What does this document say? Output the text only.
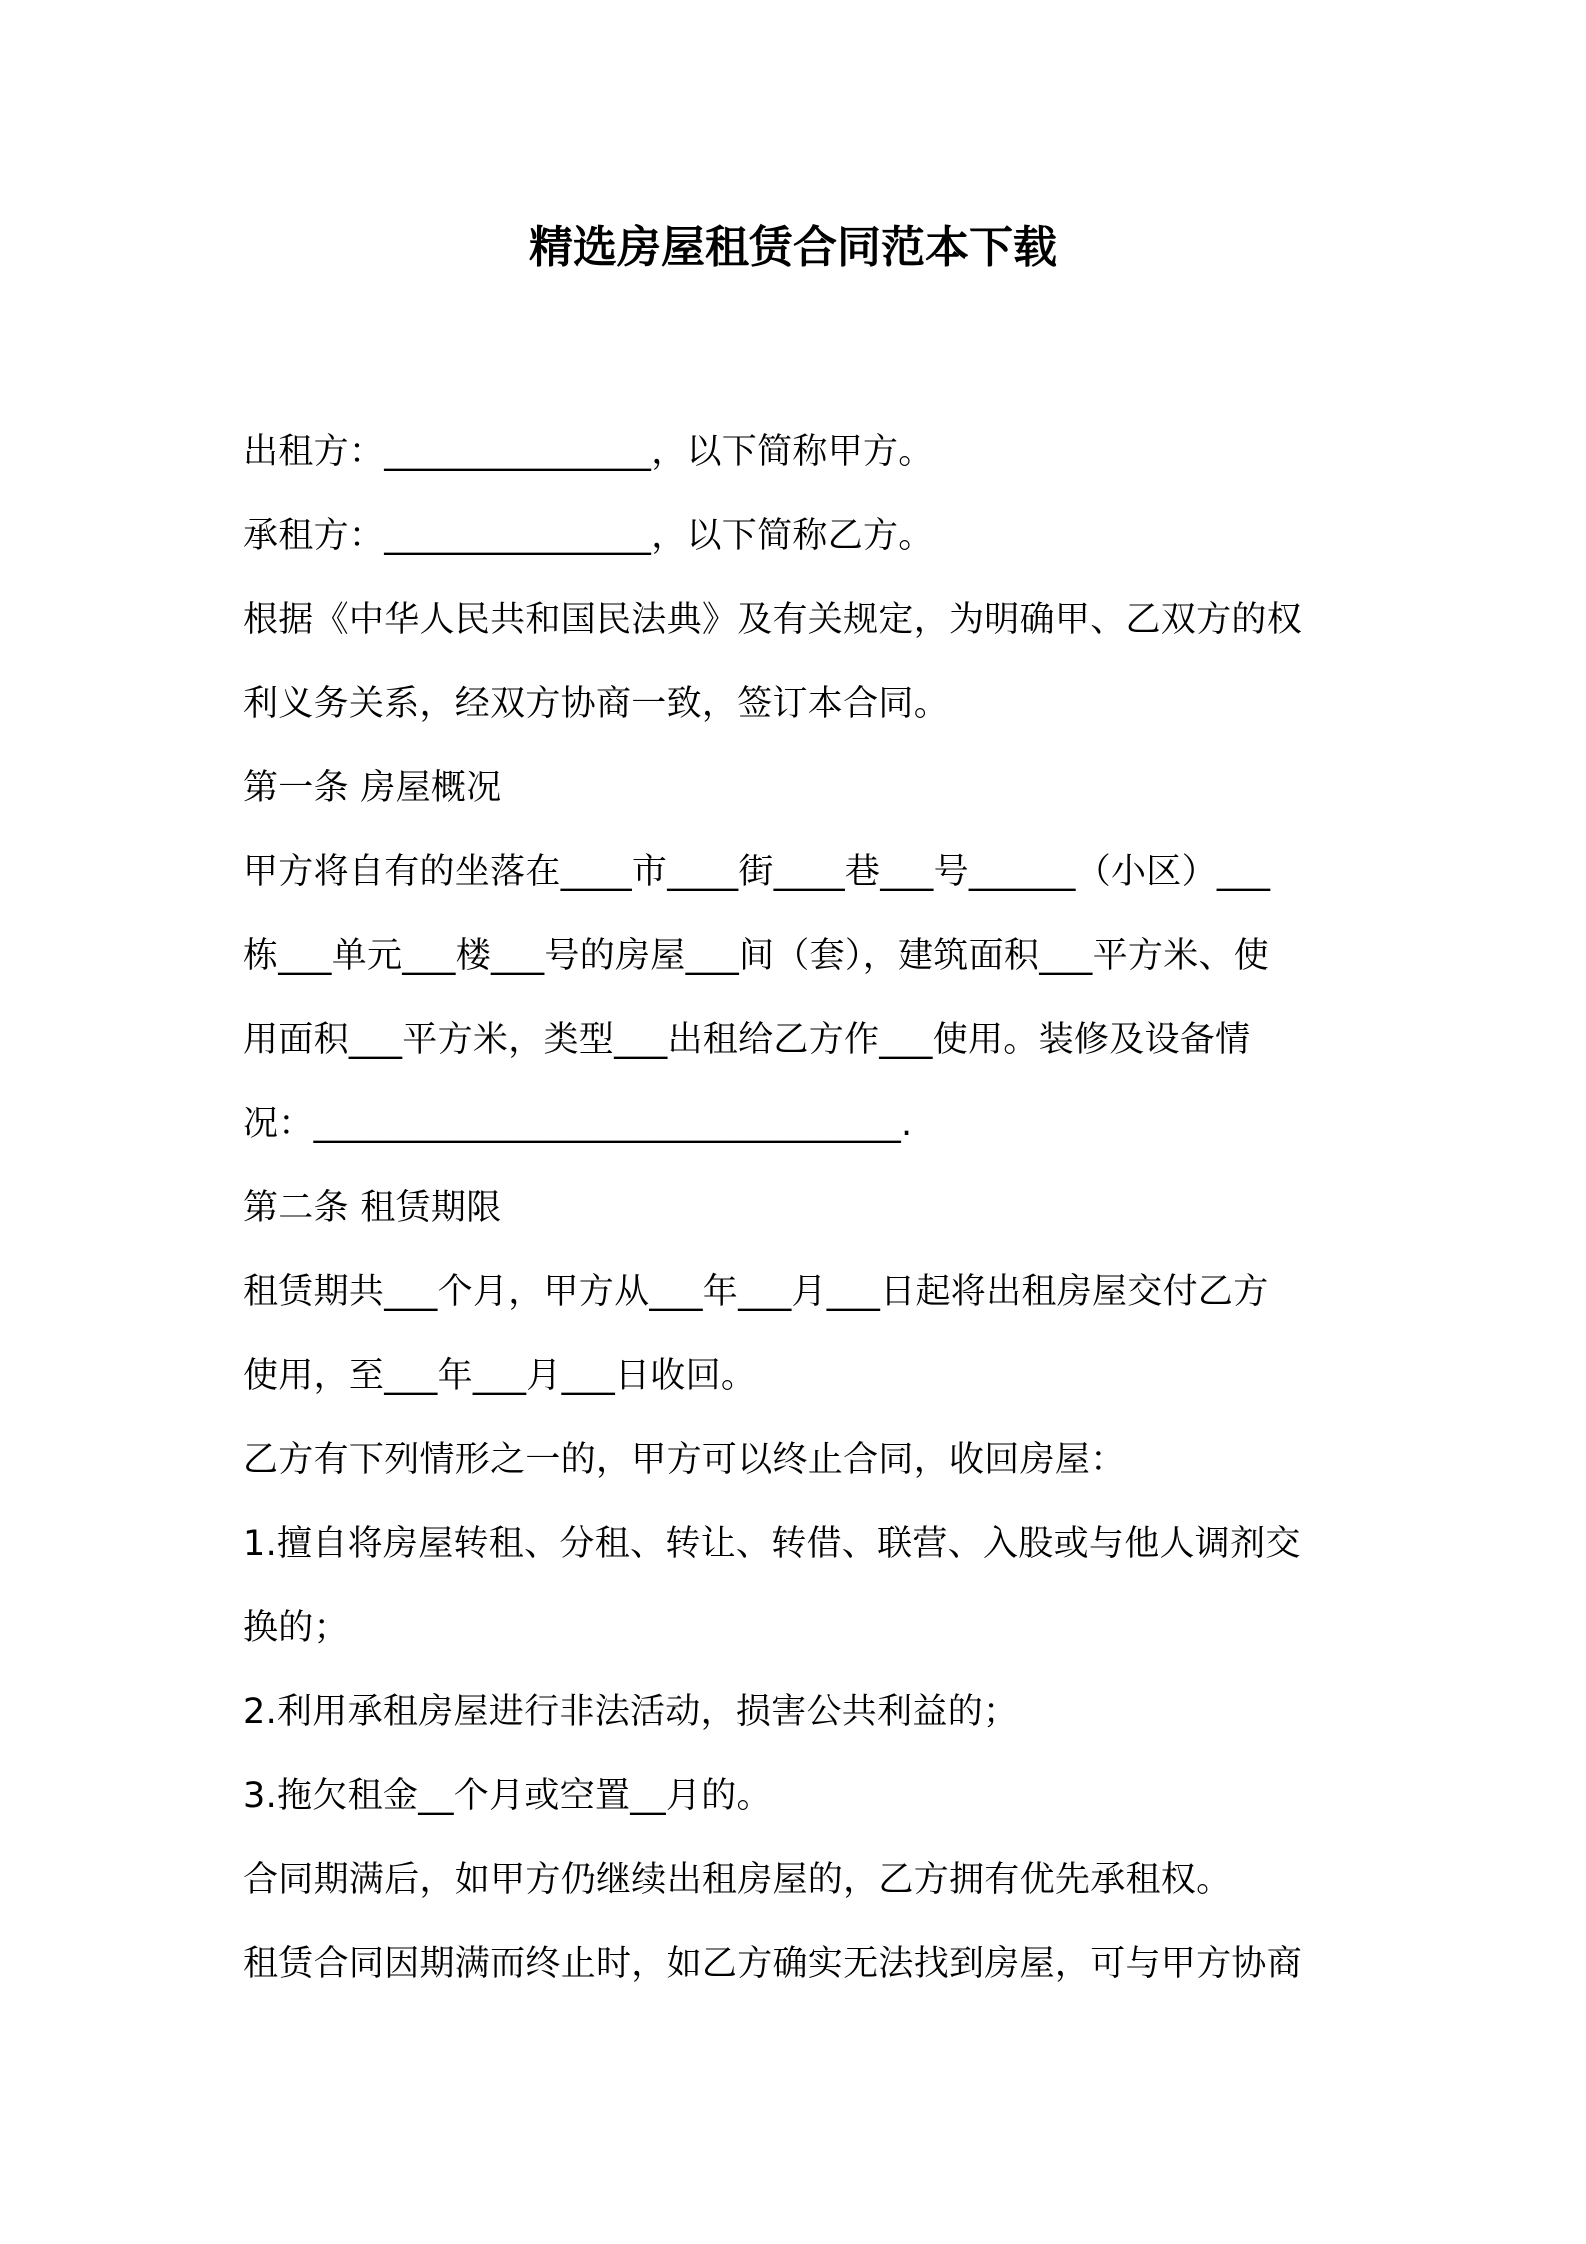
精选房屋租赁合同范本下载
出租方：_______________，以下简称甲方。
承租方：_______________，以下简称乙方。
根据《中华人民共和国民法典》及有关规定，为明确甲、乙双方的权
利义务关系，经双方协商一致，签订本合同。
第一条 房屋概况
甲方将自有的坐落在____市____街____巷___号______（小区）___
栋___单元___楼___号的房屋___间（套），建筑面积___平方米、使
用面积___平方米，类型___出租给乙方作___使用。装修及设备情
况：_________________________________.
第二条 租赁期限
租赁期共___个月，甲方从___年___月___日起将出租房屋交付乙方
使用，至___年___月___日收回。
乙方有下列情形之一的，甲方可以终止合同，收回房屋：
1.擅自将房屋转租、分租、转让、转借、联营、入股或与他人调剂交
换的；
2.利用承租房屋进行非法活动，损害公共利益的；
3.拖欠租金__个月或空置__月的。
合同期满后，如甲方仍继续出租房屋的，乙方拥有优先承租权。
租赁合同因期满而终止时，如乙方确实无法找到房屋，可与甲方协商
